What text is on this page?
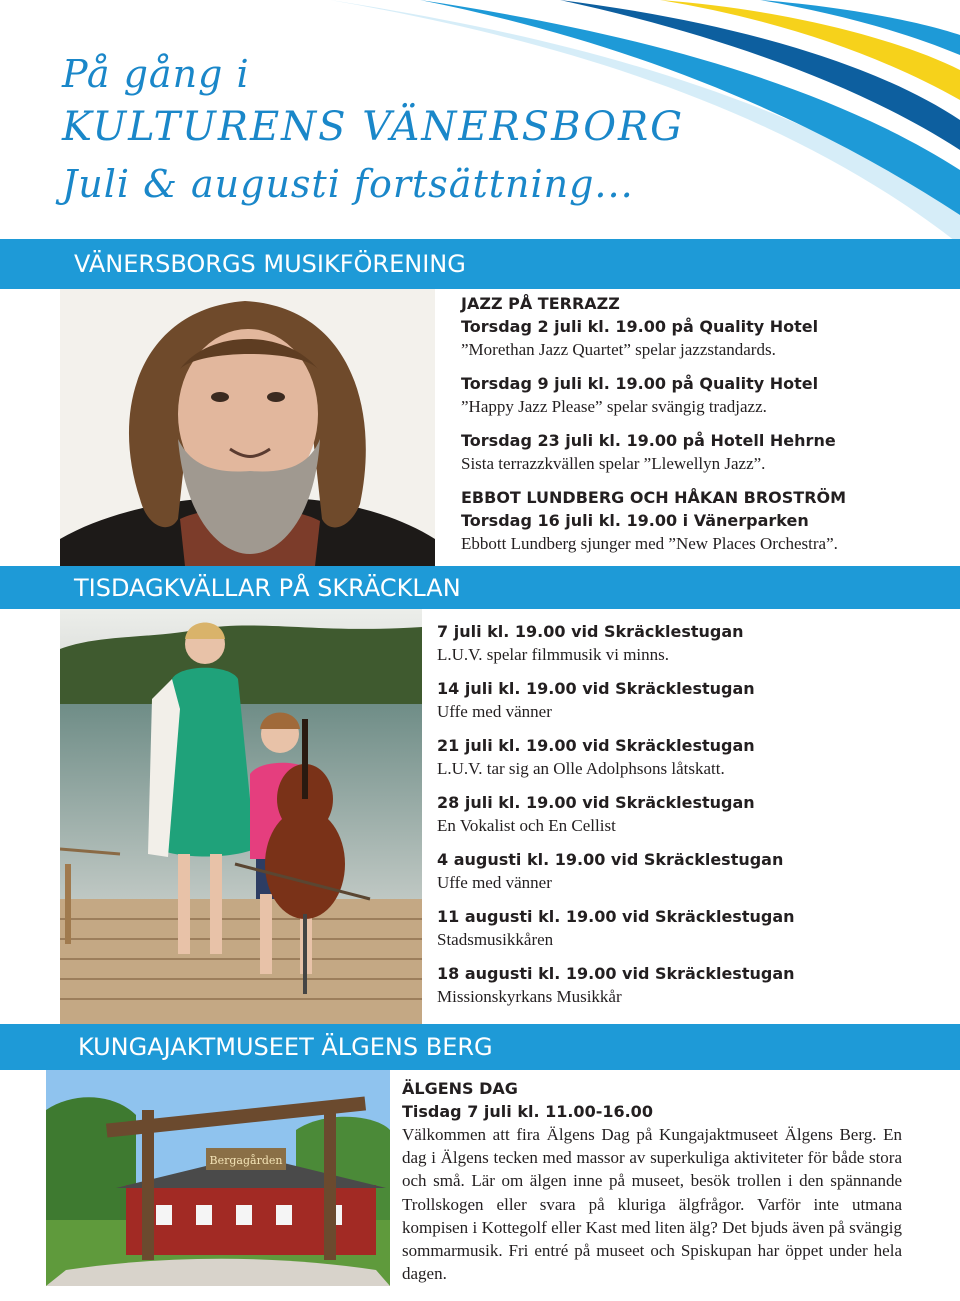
På gång i
KULTURENS VÄNERSBORG
Juli & augusti fortsättning...
VÄNERSBORGS MUSIKFÖRENING
JAZZ PÅ TERRAZZ
Torsdag 2 juli kl. 19.00 på Quality Hotel
”Morethan Jazz Quartet” spelar jazzstandards.
Torsdag 9 juli kl. 19.00 på Quality Hotel
”Happy Jazz Please” spelar svängig tradjazz.
Torsdag 23 juli kl. 19.00 på Hotell Hehrne
Sista terrazzkvällen spelar ”Llewellyn Jazz”.
EBBOT LUNDBERG OCH HÅKAN BROSTRÖM
Torsdag 16 juli kl. 19.00 i Vänerparken
Ebbott Lundberg sjunger med ”New Places Orchestra”.
TISDAGKVÄLLAR PÅ SKRÄCKLAN
7 juli kl. 19.00 vid Skräcklestugan
L.U.V. spelar filmmusik vi minns.
14 juli kl. 19.00 vid Skräcklestugan
Uffe med vänner
21 juli kl. 19.00 vid Skräcklestugan
L.U.V. tar sig an Olle Adolphsons låtskatt.
28 juli kl. 19.00 vid Skräcklestugan
En Vokalist och En Cellist
4 augusti kl. 19.00 vid Skräcklestugan
Uffe med vänner
11 augusti kl. 19.00 vid Skräcklestugan
Stadsmusikkåren
18 augusti kl. 19.00 vid Skräcklestugan
Missionskyrkans Musikkår
KUNGAJAKTMUSEET ÄLGENS BERG
Bergagården
ÄLGENS DAG
Tisdag 7 juli kl. 11.00-16.00
Välkommen att fira Älgens Dag på Kungajaktmuseet Älgens Berg. En dag i Älgens tecken med massor av superkuliga aktiviteter för både stora och små. Lär om älgen inne på museet, besök trollen i den spännande Trollskogen eller svara på kluriga älgfrågor. Varför inte utmana kompisen i Kottegolf eller Kast med liten älg? Det bjuds även på svängig sommarmusik. Fri entré på museet och Spiskupan har öppet under hela dagen.
